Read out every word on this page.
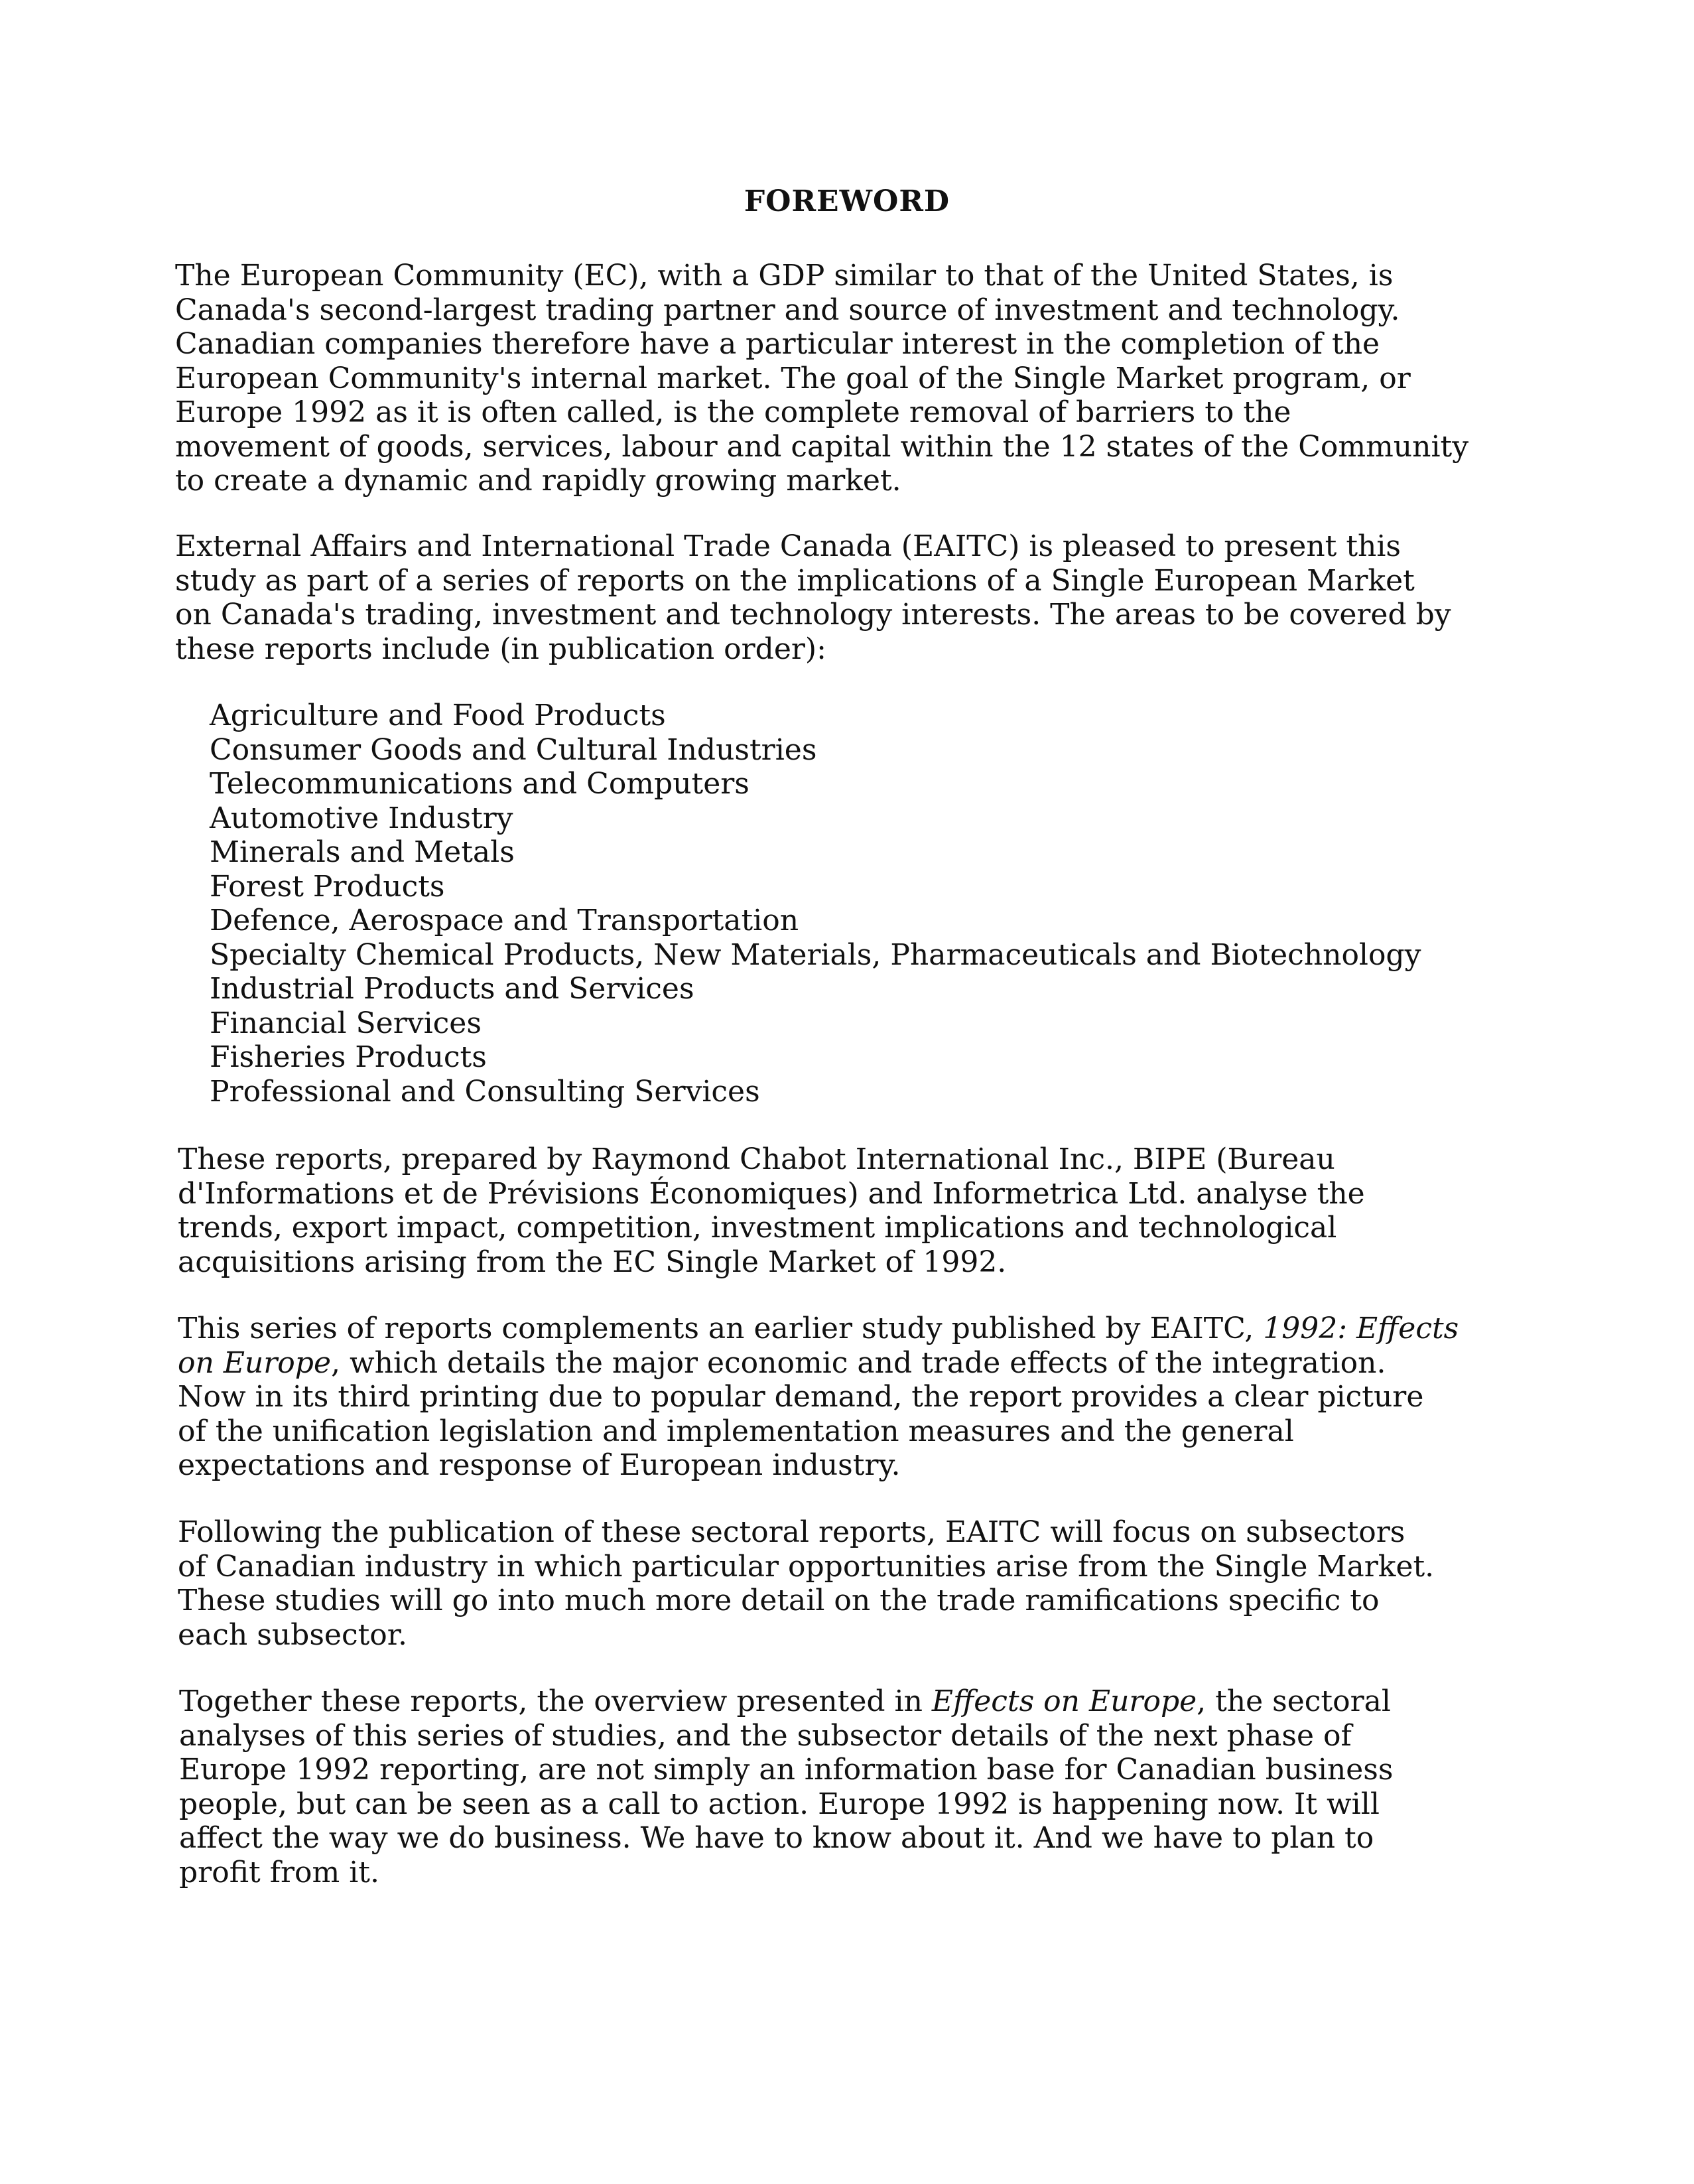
FOREWORD

The European Community (EC), with a GDP similar to that of the United States, is
Canada's second-largest trading partner and source of investment and technology.
Canadian companies therefore have a particular interest in the completion of the
European Community's internal market. The goal of the Single Market program, or
Europe 1992 as it is often called, is the complete removal of barriers to the
movement of goods, services, labour and capital within the 12 states of the Community
to create a dynamic and rapidly growing market.

External Affairs and International Trade Canada (EAITC) is pleased to present this
study as part of a series of reports on the implications of a Single European Market
on Canada's trading, investment and technology interests. The areas to be covered by
these reports include (in publication order):

Agriculture and Food Products
Consumer Goods and Cultural Industries
Telecommunications and Computers
Automotive Industry
Minerals and Metals
Forest Products
Defence, Aerospace and Transportation
Specialty Chemical Products, New Materials, Pharmaceuticals and Biotechnology
Industrial Products and Services
Financial Services
Fisheries Products
Professional and Consulting Services

These reports, prepared by Raymond Chabot International Inc., BIPE (Bureau
d'Informations et de Prévisions Économiques) and Informetrica Ltd. analyse the
trends, export impact, competition, investment implications and technological
acquisitions arising from the EC Single Market of 1992.

This series of reports complements an earlier study published by EAITC, 1992: Effects
on Europe, which details the major economic and trade effects of the integration.
Now in its third printing due to popular demand, the report provides a clear picture
of the unification legislation and implementation measures and the general
expectations and response of European industry.

Following the publication of these sectoral reports, EAITC will focus on subsectors
of Canadian industry in which particular opportunities arise from the Single Market.
These studies will go into much more detail on the trade ramifications specific to
each subsector.

Together these reports, the overview presented in Effects on Europe, the sectoral
analyses of this series of studies, and the subsector details of the next phase of
Europe 1992 reporting, are not simply an information base for Canadian business
people, but can be seen as a call to action. Europe 1992 is happening now. It will
affect the way we do business. We have to know about it. And we have to plan to
profit from it.
